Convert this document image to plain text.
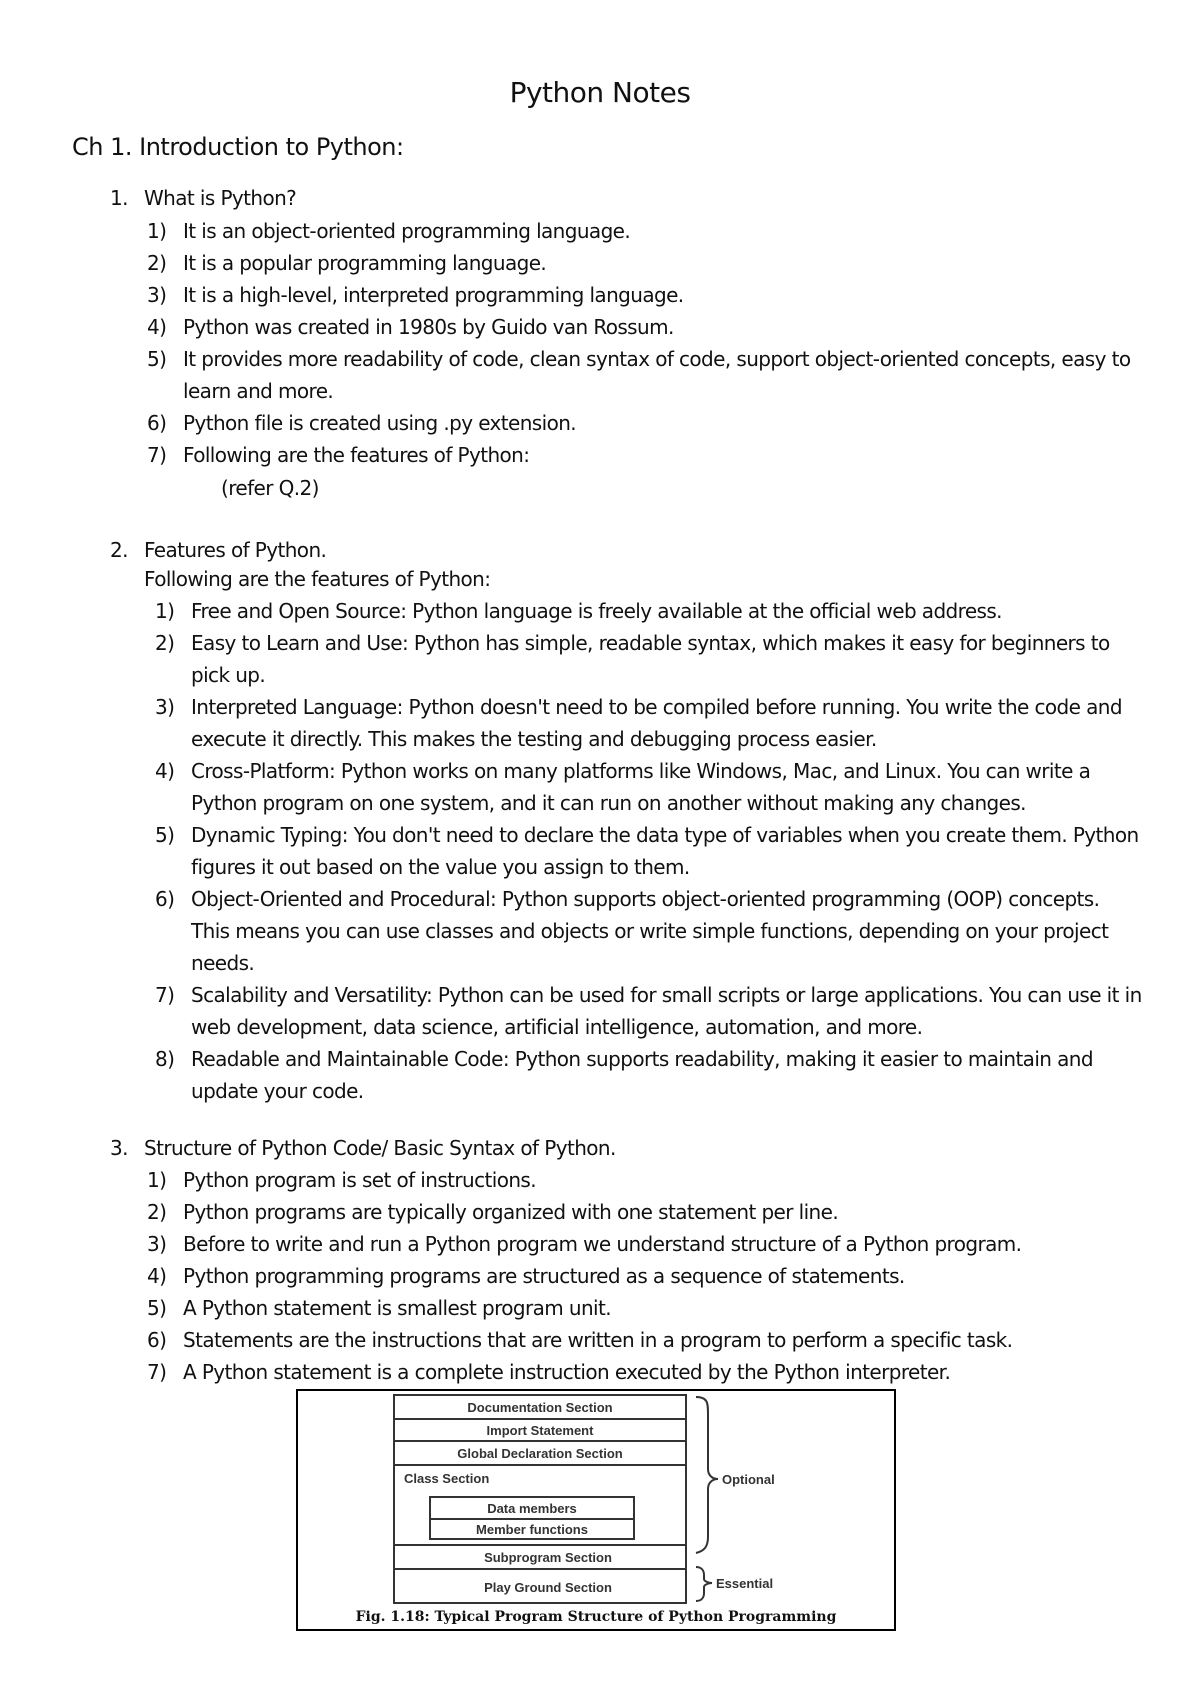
Python Notes
Ch 1. Introduction to Python:
1. What is Python?
1) It is an object-oriented programming language.
2) It is a popular programming language.
3) It is a high-level, interpreted programming language.
4) Python was created in 1980s by Guido van Rossum.
5) It provides more readability of code, clean syntax of code, support object-oriented concepts, easy to learn and more.
6) Python file is created using .py extension.
7) Following are the features of Python:
(refer Q.2)
2. Features of Python.
Following are the features of Python:
1) Free and Open Source: Python language is freely available at the official web address.
2) Easy to Learn and Use: Python has simple, readable syntax, which makes it easy for beginners to pick up.
3) Interpreted Language: Python doesn't need to be compiled before running. You write the code and execute it directly. This makes the testing and debugging process easier.
4) Cross-Platform: Python works on many platforms like Windows, Mac, and Linux. You can write a Python program on one system, and it can run on another without making any changes.
5) Dynamic Typing: You don't need to declare the data type of variables when you create them. Python figures it out based on the value you assign to them.
6) Object-Oriented and Procedural: Python supports object-oriented programming (OOP) concepts. This means you can use classes and objects or write simple functions, depending on your project needs.
7) Scalability and Versatility: Python can be used for small scripts or large applications. You can use it in web development, data science, artificial intelligence, automation, and more.
8) Readable and Maintainable Code: Python supports readability, making it easier to maintain and update your code.
3. Structure of Python Code/ Basic Syntax of Python.
1) Python program is set of instructions.
2) Python programs are typically organized with one statement per line.
3) Before to write and run a Python program we understand structure of a Python program.
4) Python programming programs are structured as a sequence of statements.
5) A Python statement is smallest program unit.
6) Statements are the instructions that are written in a program to perform a specific task.
7) A Python statement is a complete instruction executed by the Python interpreter.
Documentation Section
Import Statement
Global Declaration Section
Class Section
Data members
Member functions
Subprogram Section
Play Ground Section
Optional
Essential
Fig. 1.18: Typical Program Structure of Python Programming
